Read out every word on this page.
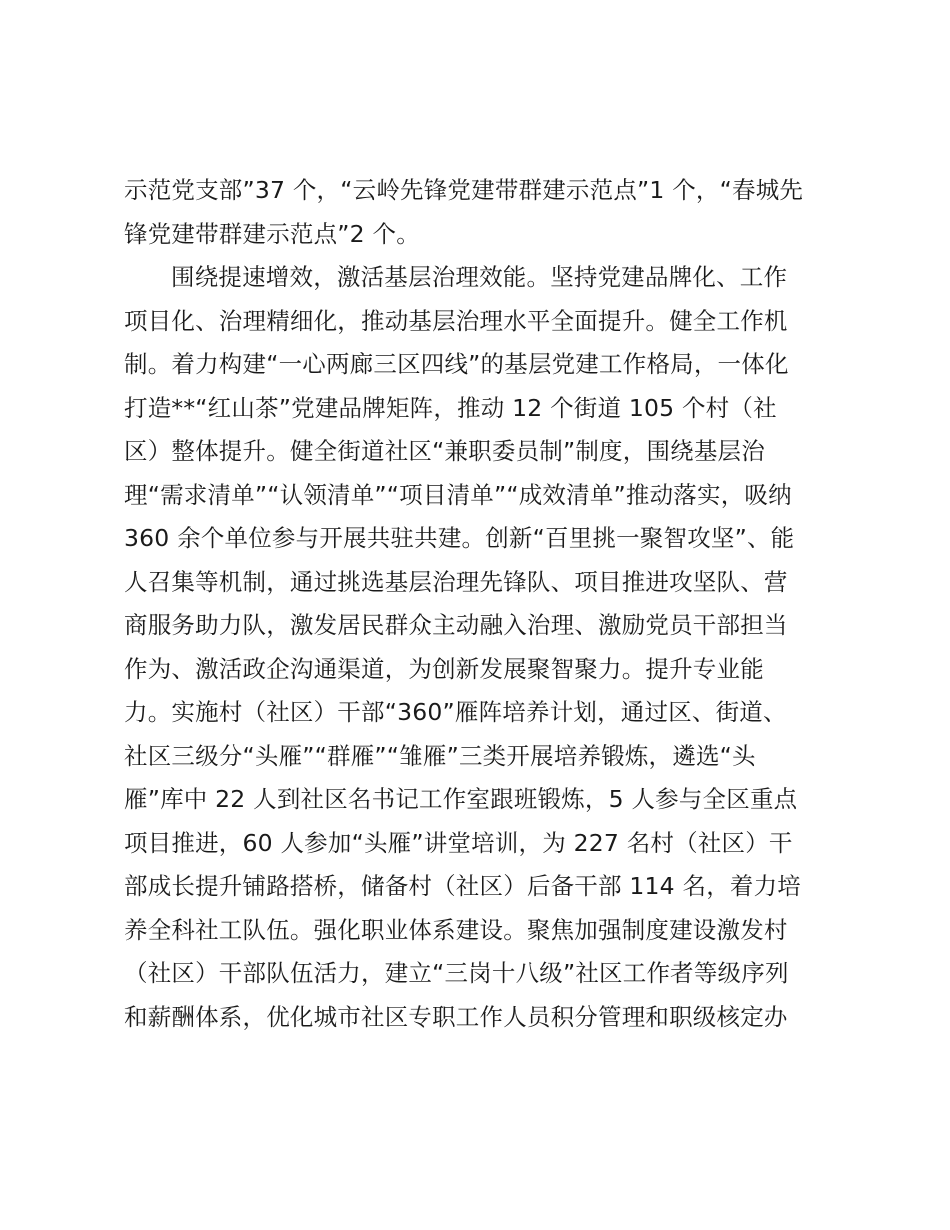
示范党支部”37 个，“云岭先锋党建带群建示范点”1 个，“春城先
锋党建带群建示范点”2 个。
围绕提速增效，激活基层治理效能。坚持党建品牌化、工作
项目化、治理精细化，推动基层治理水平全面提升。健全工作机
制。着力构建“一心两廊三区四线”的基层党建工作格局，一体化
打造**“红山茶”党建品牌矩阵，推动 12 个街道 105 个村（社
区）整体提升。健全街道社区“兼职委员制”制度，围绕基层治
理“需求清单”“认领清单”“项目清单”“成效清单”推动落实，吸纳
360 余个单位参与开展共驻共建。创新“百里挑一聚智攻坚”、能
人召集等机制，通过挑选基层治理先锋队、项目推进攻坚队、营
商服务助力队，激发居民群众主动融入治理、激励党员干部担当
作为、激活政企沟通渠道，为创新发展聚智聚力。提升专业能
力。实施村（社区）干部“360”雁阵培养计划，通过区、街道、
社区三级分“头雁”“群雁”“雏雁”三类开展培养锻炼，遴选“头
雁”库中 22 人到社区名书记工作室跟班锻炼，5 人参与全区重点
项目推进，60 人参加“头雁”讲堂培训，为 227 名村（社区）干
部成长提升铺路搭桥，储备村（社区）后备干部 114 名，着力培
养全科社工队伍。强化职业体系建设。聚焦加强制度建设激发村
（社区）干部队伍活力，建立“三岗十八级”社区工作者等级序列
和薪酬体系，优化城市社区专职工作人员积分管理和职级核定办
